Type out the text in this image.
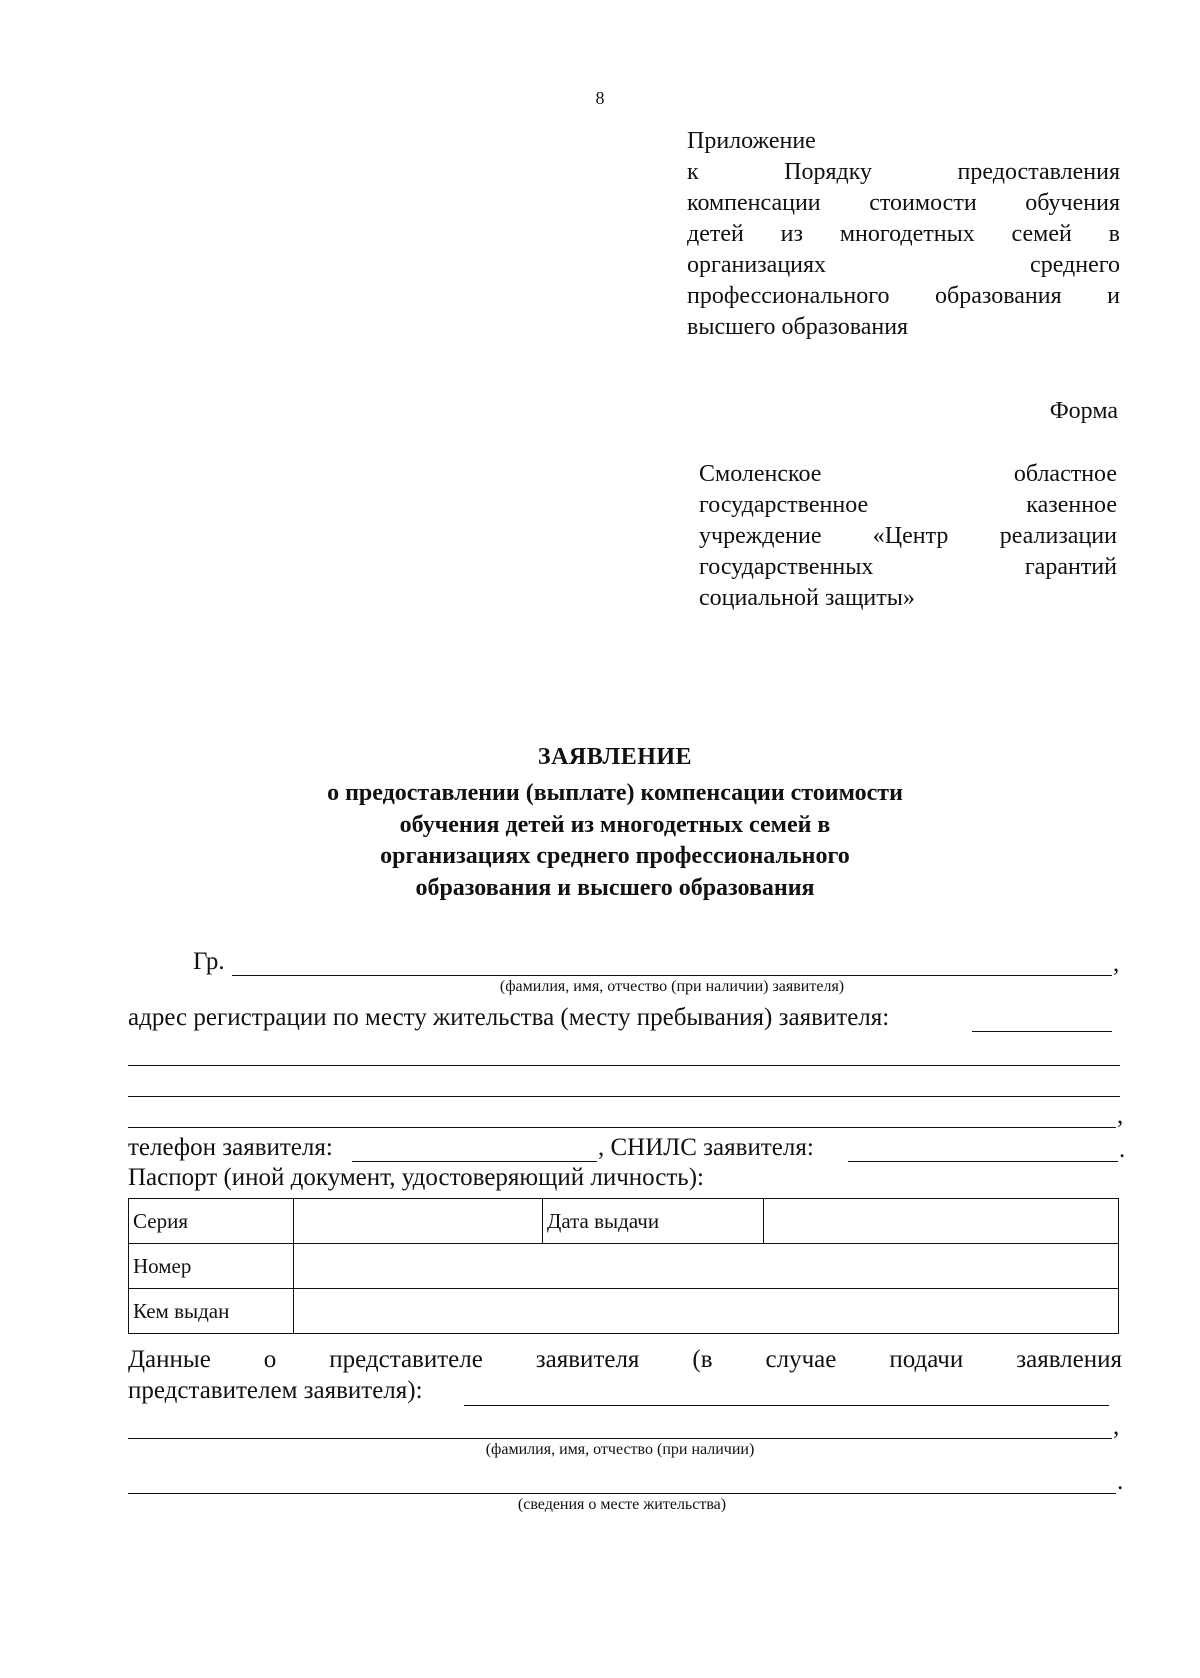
8
Приложение
к Порядку предоставления
компенсации стоимости обучения
детей из многодетных семей в
организациях среднего
профессионального образования и
высшего образования
Форма
Смоленское областное
государственное казенное
учреждение «Центр реализации
государственных гарантий
социальной защиты»
ЗАЯВЛЕНИЕ
о предоставлении (выплате) компенсации стоимости
обучения детей из многодетных семей в
организациях среднего профессионального
образования и высшего образования
Гр.	,
(фамилия, имя, отчество (при наличии) заявителя)
адрес регистрации по месту жительства (месту пребывания) заявителя:
,
телефон заявителя:	, СНИЛС заявителя:	.
Паспорт (иной документ, удостоверяющий личность):
Серия		Дата выдачи	
Номер			
Кем выдан			
Данные о представителе заявителя (в случае подачи заявления
представителем заявителя):
,
(фамилия, имя, отчество (при наличии)
.
(сведения о месте жительства)
